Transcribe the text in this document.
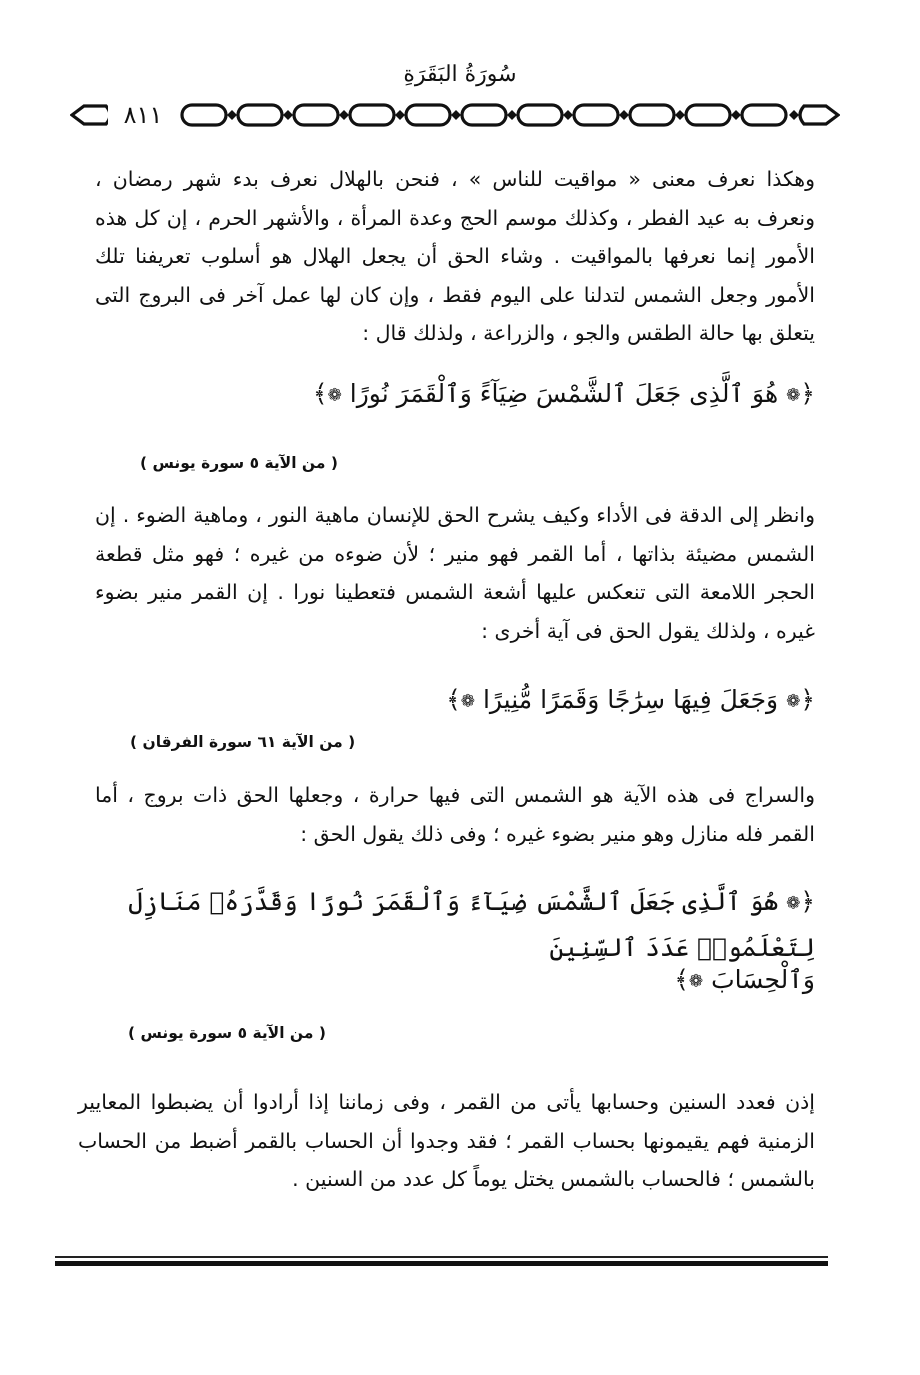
سُورَةُ البَقَرَةِ
٨١١

وهكذا نعرف معنى « مواقيت للناس » ، فنحن بالهلال نعرف بدء شهر رمضان ، ونعرف به عيد الفطر ، وكذلك موسم الحج وعدة المرأة ، والأشهر الحرم ، إن كل هذه الأمور إنما نعرفها بالمواقيت . وشاء الحق أن يجعل الهلال هو أسلوب تعريفنا تلك الأمور وجعل الشمس لتدلنا على اليوم فقط ، وإن كان لها عمل آخر فى البروج التى يتعلق بها حالة الطقس والجو ، والزراعة ، ولذلك قال :

﴿❁ هُوَ ٱلَّذِى جَعَلَ ٱلشَّمْسَ ضِيَآءً وَٱلْقَمَرَ نُورًا ❁﴾

( من الآية ٥ سورة يونس )

وانظر إلى الدقة فى الأداء وكيف يشرح الحق للإنسان ماهية النور ، وماهية الضوء . إن الشمس مضيئة بذاتها ، أما القمر فهو منير ؛ لأن ضوءه من غيره ؛ فهو مثل قطعة الحجر اللامعة التى تنعكس عليها أشعة الشمس فتعطينا نورا . إن القمر منير بضوء غيره ، ولذلك يقول الحق فى آية أخرى :

﴿❁ وَجَعَلَ فِيهَا سِرَٰجًا وَقَمَرًا مُّنِيرًا ❁﴾

( من الآية ٦١ سورة الفرقان )

والسراج فى هذه الآية هو الشمس التى فيها حرارة ، وجعلها الحق ذات بروج ، أما القمر فله منازل وهو منير بضوء غيره ؛ وفى ذلك يقول الحق :

﴿❁ هُوَ ٱلَّذِى جَعَلَ ٱلشَّمْسَ ضِيَآءً وَٱلْقَمَرَ نُورًا وَقَدَّرَهُۥ مَنَازِلَ لِتَعْلَمُوا۟ عَدَدَ ٱلسِّنِينَ

وَٱلْحِسَابَ ❁﴾

( من الآية ٥ سورة يونس )

إذن فعدد السنين وحسابها يأتى من القمر ، وفى زماننا إذا أرادوا أن يضبطوا المعايير الزمنية فهم يقيمونها بحساب القمر ؛ فقد وجدوا أن الحساب بالقمر أضبط من الحساب بالشمس ؛ فالحساب بالشمس يختل يوماً كل عدد من السنين .
